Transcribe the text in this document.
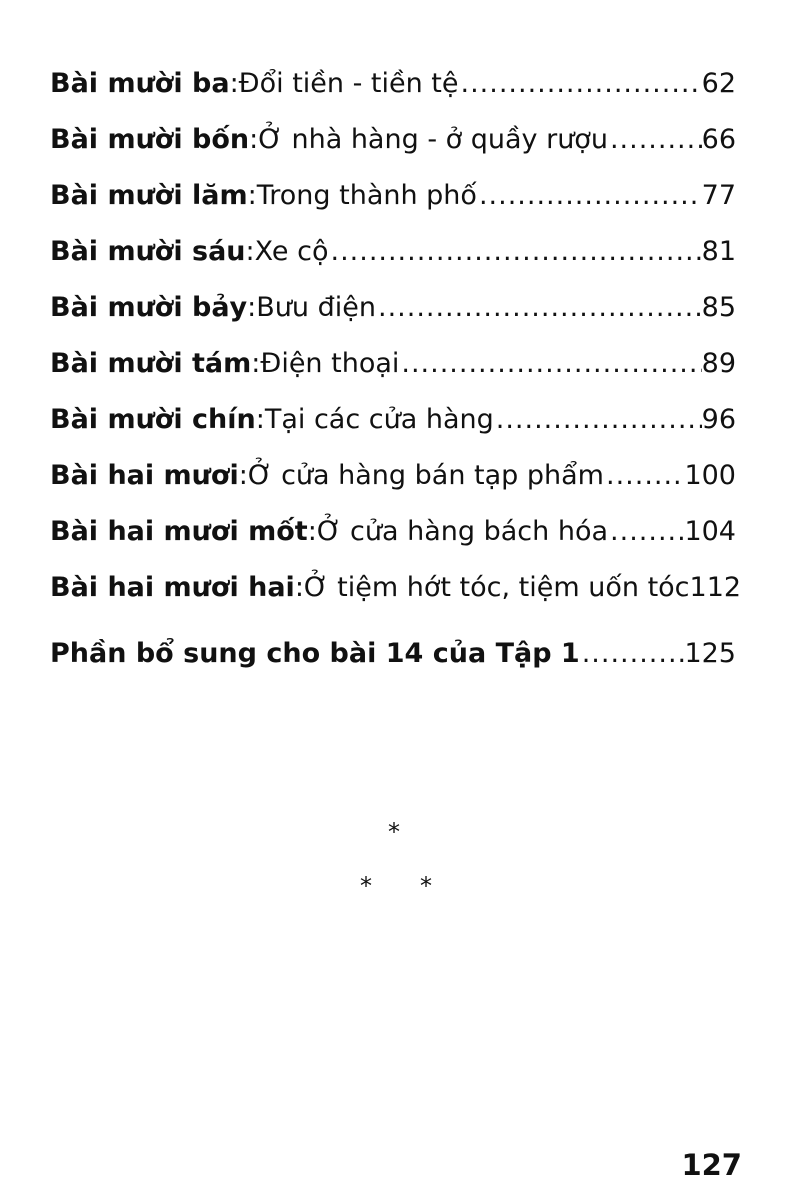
Bài mười ba : Đổi tiền - tiền tệ .....	62
Bài mười bốn : Ở nhà hàng - ở quầy rượu .....	66
Bài mười lăm : Trong thành phố .....	77
Bài mười sáu : Xe cộ .....	81
Bài mười bảy : Bưu điện .....	85
Bài mười tám : Điện thoại .....	89
Bài mười chín : Tại các cửa hàng .....	96
Bài hai mươi : Ở cửa hàng bán tạp phẩm .....	100
Bài hai mươi mốt : Ở cửa hàng bách hóa .....	104
Bài hai mươi hai : Ở tiệm hớt tóc, tiệm uốn tóc 112
Phần bổ sung cho bài 14 của Tập 1 .....	125
*
* *
127
